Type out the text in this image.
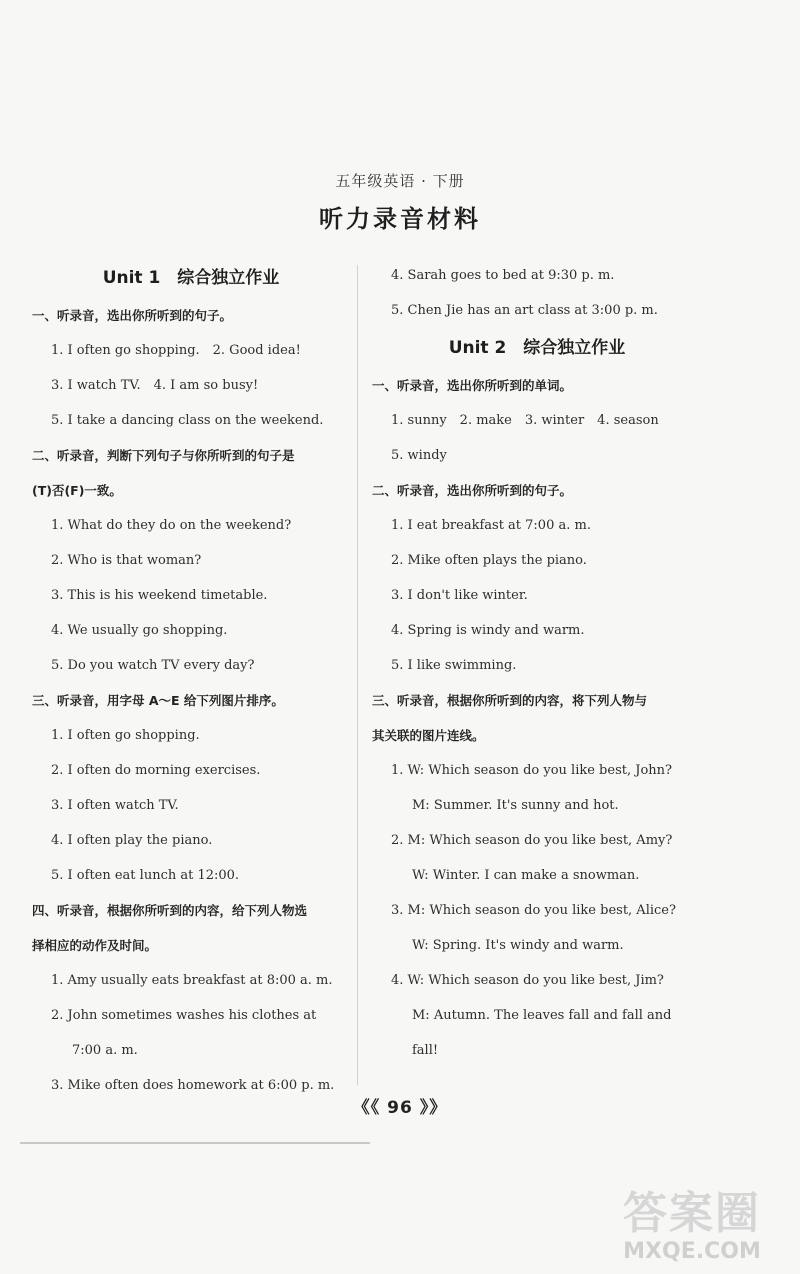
五年级英语 · 下册
听力录音材料
Unit 1　综合独立作业
一、听录音，选出你所听到的句子。
1. I often go shopping.　2. Good idea!
3. I watch TV.　4. I am so busy!
5. I take a dancing class on the weekend.
二、听录音，判断下列句子与你所听到的句子是
(T)否(F)一致。
1. What do they do on the weekend?
2. Who is that woman?
3. This is his weekend timetable.
4. We usually go shopping.
5. Do you watch TV every day?
三、听录音，用字母 A～E 给下列图片排序。
1. I often go shopping.
2. I often do morning exercises.
3. I often watch TV.
4. I often play the piano.
5. I often eat lunch at 12:00.
四、听录音，根据你所听到的内容，给下列人物选
择相应的动作及时间。
1. Amy usually eats breakfast at 8:00 a. m.
2. John sometimes washes his clothes at
7:00 a. m.
3. Mike often does homework at 6:00 p. m.
4. Sarah goes to bed at 9:30 p. m.
5. Chen Jie has an art class at 3:00 p. m.
Unit 2　综合独立作业
一、听录音，选出你所听到的单词。
1. sunny　2. make　3. winter　4. season
5. windy
二、听录音，选出你所听到的句子。
1. I eat breakfast at 7:00 a. m.
2. Mike often plays the piano.
3. I don't like winter.
4. Spring is windy and warm.
5. I like swimming.
三、听录音，根据你所听到的内容，将下列人物与
其关联的图片连线。
1. W: Which season do you like best, John?
M: Summer. It's sunny and hot.
2. M: Which season do you like best, Amy?
W: Winter. I can make a snowman.
3. M: Which season do you like best, Alice?
W: Spring. It's windy and warm.
4. W: Which season do you like best, Jim?
M: Autumn. The leaves fall and fall and
fall!
《《 96 》》
答案圈
MXQE.COM
